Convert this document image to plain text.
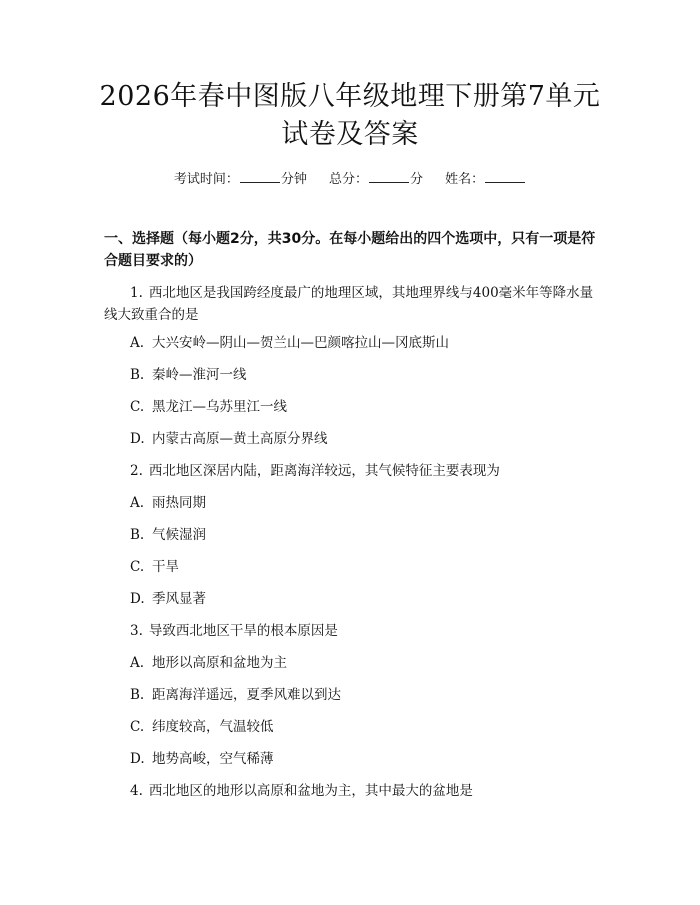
2026年春中图版八年级地理下册第7单元试卷及答案
考试时间：	分钟 总分：	分 姓名：
一、选择题（每小题2分，共30分。在每小题给出的四个选项中，只有一项是符合题目要求的）
1. 西北地区是我国跨经度最广的地理区域，其地理界线与400毫米年等降水量线大致重合的是
A. 大兴安岭—阴山—贺兰山—巴颜喀拉山—冈底斯山
B. 秦岭—淮河一线
C. 黑龙江—乌苏里江一线
D. 内蒙古高原—黄土高原分界线
2. 西北地区深居内陆，距离海洋较远，其气候特征主要表现为
A. 雨热同期
B. 气候湿润
C. 干旱
D. 季风显著
3. 导致西北地区干旱的根本原因是
A. 地形以高原和盆地为主
B. 距离海洋遥远，夏季风难以到达
C. 纬度较高，气温较低
D. 地势高峻，空气稀薄
4. 西北地区的地形以高原和盆地为主，其中最大的盆地是
